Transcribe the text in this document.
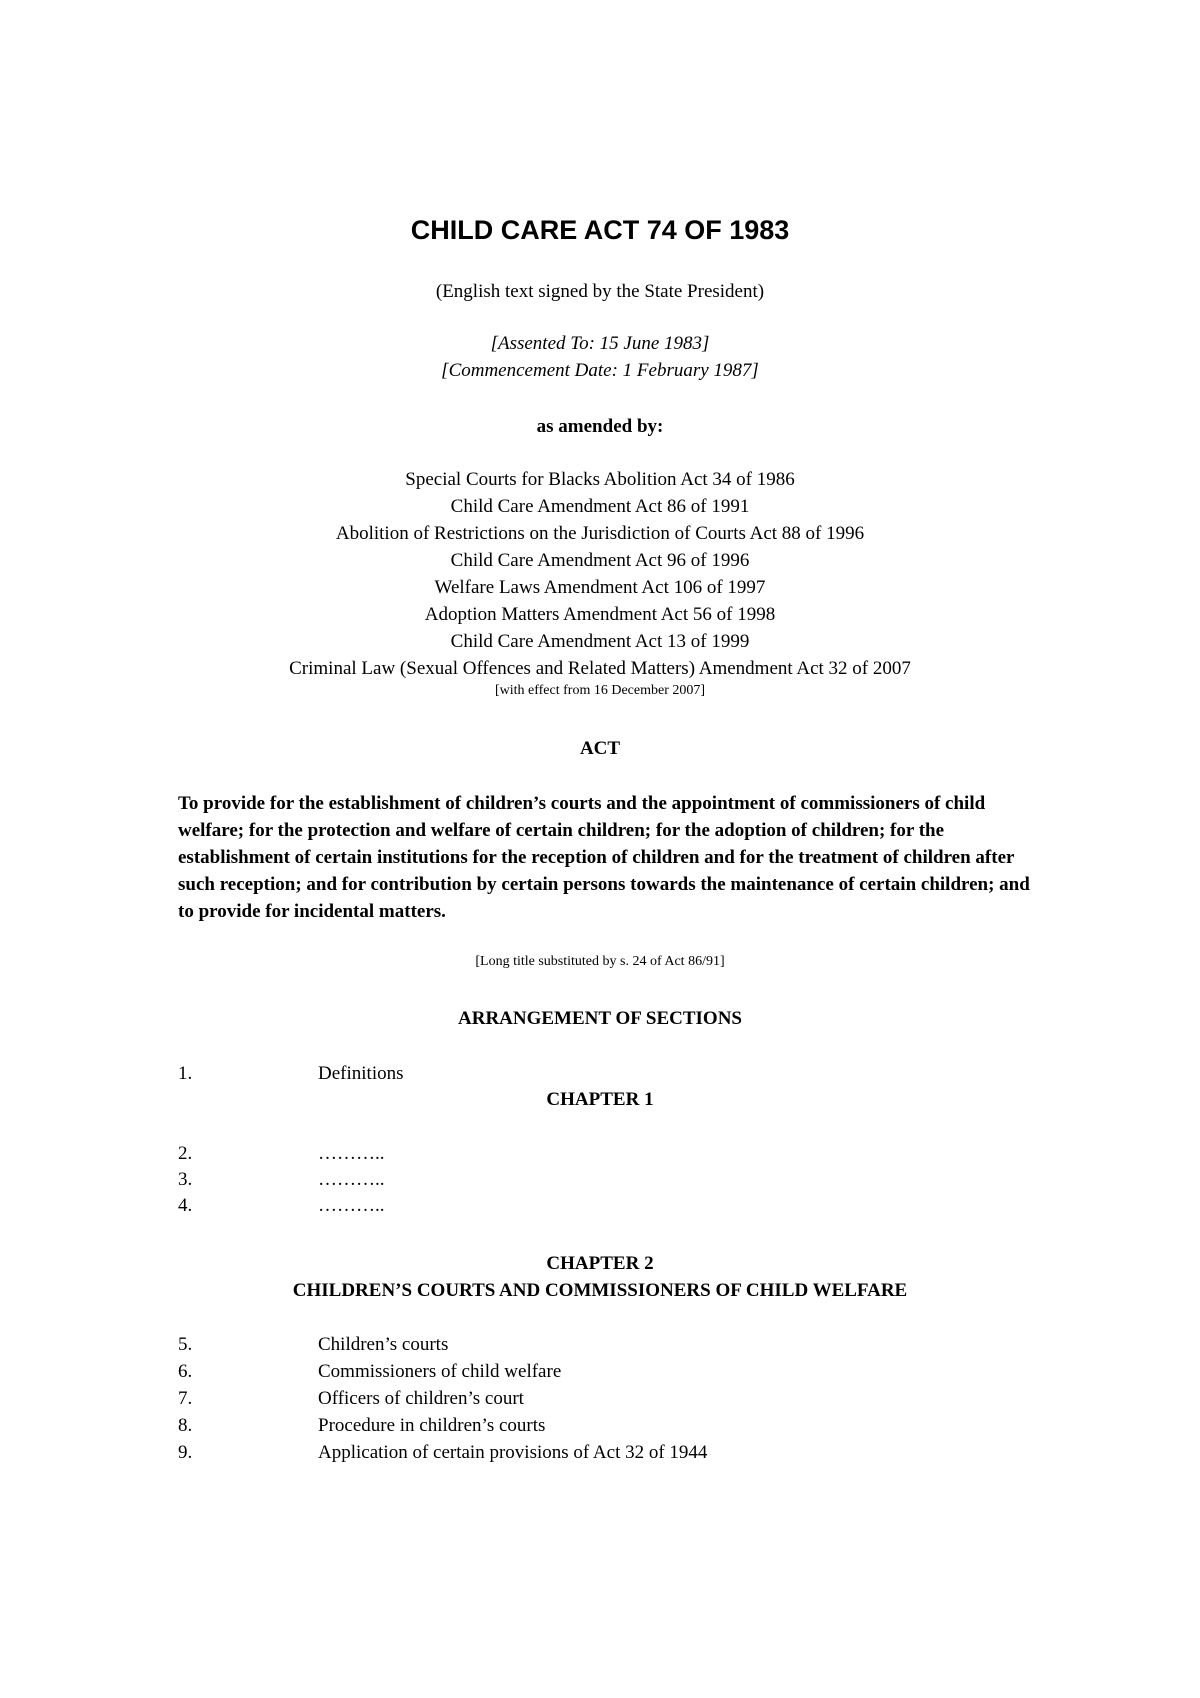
CHILD CARE ACT 74 OF 1983
(English text signed by the State President)
[Assented To: 15 June 1983]
[Commencement Date: 1 February 1987]
as amended by:
Special Courts for Blacks Abolition Act 34 of 1986
Child Care Amendment Act 86 of 1991
Abolition of Restrictions on the Jurisdiction of Courts Act 88 of 1996
Child Care Amendment Act 96 of 1996
Welfare Laws Amendment Act 106 of 1997
Adoption Matters Amendment Act 56 of 1998
Child Care Amendment Act 13 of 1999
Criminal Law (Sexual Offences and Related Matters) Amendment Act 32 of 2007
[with effect from 16 December 2007]
ACT
To provide for the establishment of children’s courts and the appointment of commissioners of child welfare; for the protection and welfare of certain children; for the adoption of children; for the establishment of certain institutions for the reception of children and for the treatment of children after such reception; and for contribution by certain persons towards the maintenance of certain children; and to provide for incidental matters.
[Long title substituted by s. 24 of Act 86/91]
ARRANGEMENT OF SECTIONS
1.	Definitions
CHAPTER 1
2.	………..
3.	………..
4.	………..
CHAPTER 2
CHILDREN’S COURTS AND COMMISSIONERS OF CHILD WELFARE
5.	Children’s courts
6.	Commissioners of child welfare
7.	Officers of children’s court
8.	Procedure in children’s courts
9.	Application of certain provisions of Act 32 of 1944
